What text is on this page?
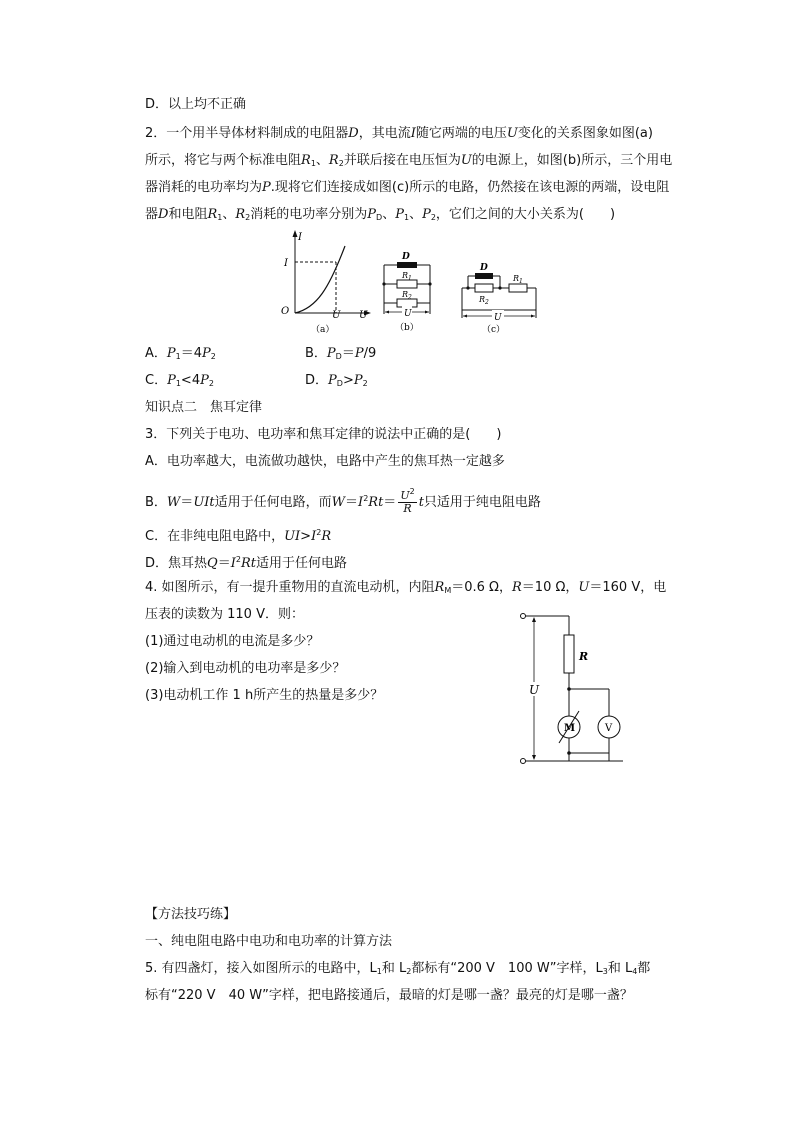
D．以上均不正确
2．一个用半导体材料制成的电阻器D，其电流I随它两端的电压U变化的关系图象如图(a)
所示，将它与两个标准电阻$R_1$、$R_2$并联后接在电压恒为U的电源上，如图(b)所示，三个用电
器消耗的电功率均为P.现将它们连接成如图(c)所示的电路，仍然接在该电源的两端，设电阻
器D和电阻$R_1$、$R_2$消耗的电功率分别为$P_D$、$P_1$、$P_2$，它们之间的大小关系为(　　)
I
I
O	U U
（a）
D
$R_1$
$R_2$
U
（b）
D
$R_1$
$R_2$
U
（c）
A．$P_1=4P_2$	B．$P_D=P/9$
C．$P_1<4P_2$	D．$P_D>P_2$
知识点二　焦耳定律
3．下列关于电功、电功率和焦耳定律的说法中正确的是(　　)
A．电功率越大，电流做功越快，电路中产生的焦耳热一定越多
B．W＝UIt适用于任何电路，而$W=I^2Rt= \frac{U^2}{R}$ t只适用于纯电阻电路
C．在非纯电阻电路中，$UI>I^2R$
D．焦耳热$Q=I^2Rt$适用于任何电路
4. 如图所示，有一提升重物用的直流电动机，内阻$R_M=0.6$ Ω，R＝10 Ω，U＝160 V，电
压表的读数为 110 V．则：
(1)通过电动机的电流是多少？
(2)输入到电动机的电功率是多少？
(3)电动机工作 1 h所产生的热量是多少？	U
R
M	V
【方法技巧练】
一、纯电阻电路中电功和电功率的计算方法
5. 有四盏灯，接入如图所示的电路中，$L_1$和 $L_2$都标有“200 V　100 W”字样，$L_3$和 $L_4$都
标有“220 V　40 W”字样，把电路接通后，最暗的灯是哪一盏？最亮的灯是哪一盏？
